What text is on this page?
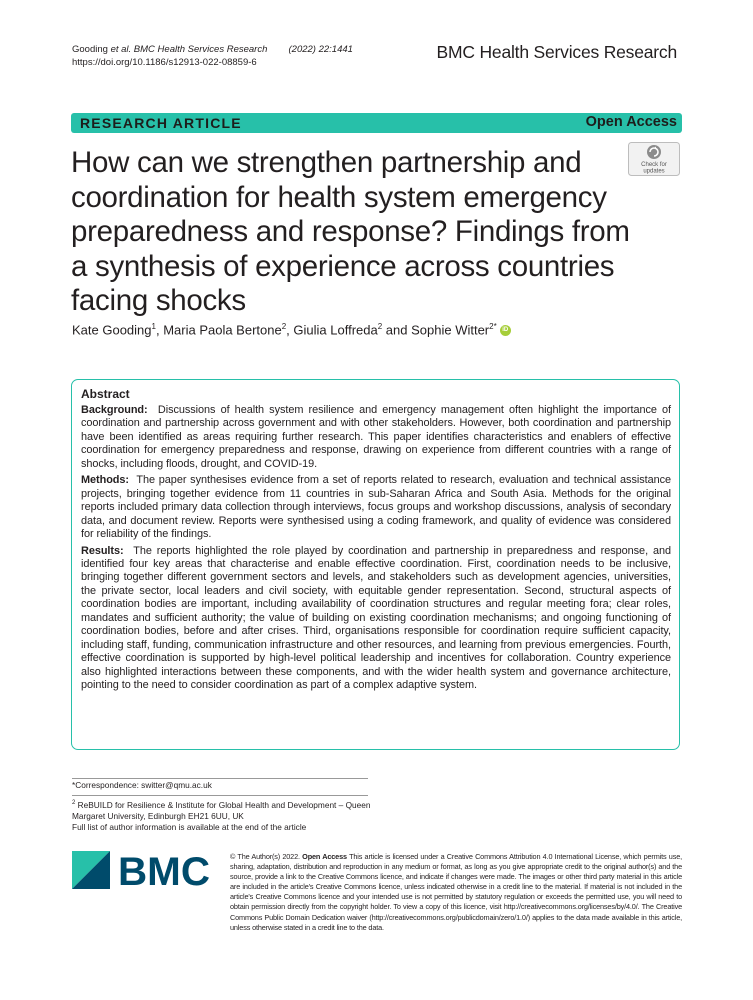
Gooding et al. BMC Health Services Research (2022) 22:1441
https://doi.org/10.1186/s12913-022-08859-6
BMC Health Services Research
RESEARCH ARTICLE	Open Access
How can we strengthen partnership and coordination for health system emergency preparedness and response? Findings from a synthesis of experience across countries facing shocks
Check for
updates
Kate Gooding$^1$, Maria Paola Bertone$^2$, Giulia Loffreda$^2$ and Sophie Witter$^{2*}$ iD
Abstract

Background: Discussions of health system resilience and emergency management often highlight the importance of coordination and partnership across government and with other stakeholders. However, both coordination and partnership have been identified as areas requiring further research. This paper identifies characteristics and enablers of effective coordination for emergency preparedness and response, drawing on experience from different countries with a range of shocks, including floods, drought, and COVID-19.

Methods: The paper synthesises evidence from a set of reports related to research, evaluation and technical assistance projects, bringing together evidence from 11 countries in sub-Saharan Africa and South Asia. Methods for the original reports included primary data collection through interviews, focus groups and workshop discussions, analysis of secondary data, and document review. Reports were synthesised using a coding framework, and quality of evidence was considered for reliability of the findings.

Results: The reports highlighted the role played by coordination and partnership in preparedness and response, and identified four key areas that characterise and enable effective coordination. First, coordination needs to be inclusive, bringing together different government sectors and levels, and stakeholders such as development agencies, universities, the private sector, local leaders and civil society, with equitable gender representation. Second, structural aspects of coordination bodies are important, including availability of coordination structures and regular meeting fora; clear roles, mandates and sufficient authority; the value of building on existing coordination mechanisms; and ongoing functioning of coordination bodies, before and after crises. Third, organisations responsible for coordination require sufficient capacity, including staff, funding, communication infrastructure and other resources, and learning from previous emergencies. Fourth, effective coordination is supported by high-level political leadership and incentives for collaboration. Country experience also highlighted interactions between these components, and with the wider health system and governance architecture, pointing to the need to consider coordination as part of a complex adaptive system.

*Correspondence: switter@qmu.ac.uk
$^2$ ReBUILD for Resilience & Institute for Global Health and Development – Queen Margaret University, Edinburgh EH21 6UU, UK
Full list of author information is available at the end of the article
BMC	© The Author(s) 2022. Open Access This article is licensed under a Creative Commons Attribution 4.0 International License, which permits use, sharing, adaptation, distribution and reproduction in any medium or format, as long as you give appropriate credit to the original author(s) and the source, provide a link to the Creative Commons licence, and indicate if changes were made. The images or other third party material in this article are included in the article's Creative Commons licence, unless indicated otherwise in a credit line to the material. If material is not included in the article's Creative Commons licence and your intended use is not permitted by statutory regulation or exceeds the permitted use, you will need to obtain permission directly from the copyright holder. To view a copy of this licence, visit http://creativecommons.org/licenses/by/4.0/. The Creative Commons Public Domain Dedication waiver (http://creativecommons.org/publicdomain/zero/1.0/) applies to the data made available in this article, unless otherwise stated in a credit line to the data.
